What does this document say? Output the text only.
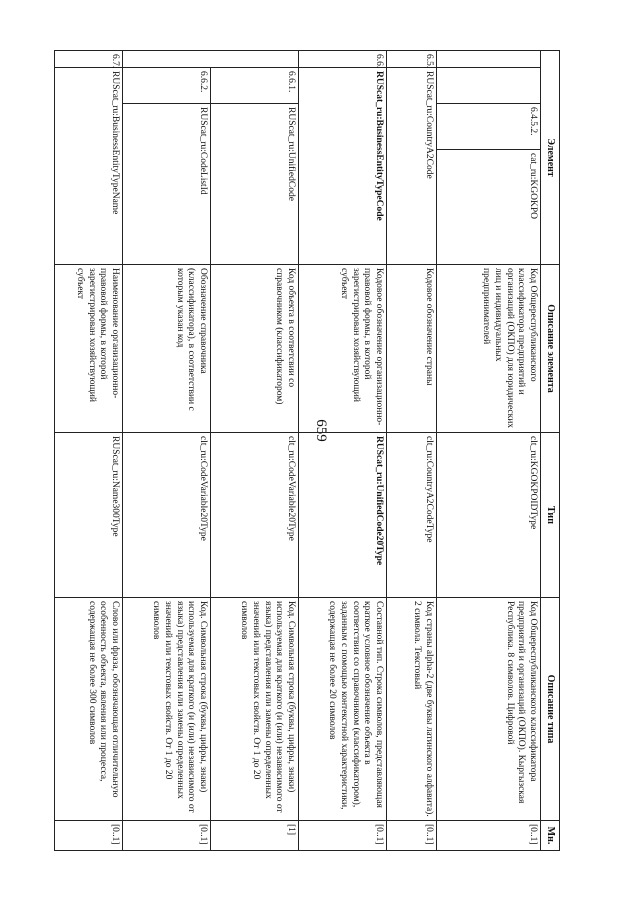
659
Элемент				Описание элемента	Тип	Описание типа	Мн.
		6.4.5.2.	cat_ru:KGOKPO	Код Общереспубликанского классификатора предприятий и организаций (ОКПО) для юридических лиц и индивидуальных предпринимателей	clt_ru:KGOKPOIDType	Код Общереспубликанского классификатора предприятий и организаций (ОКПО). Кыргызская Республика. 8 символов. Цифровой	[0..1]
6.5.	RUScat_ru:CountryA2Code			Кодовое обозначение страны	clt_ru:CountryA2CodeType	Код страны alpha-2 (две буквы латинского алфавита). 2 символа. Текстовый	[0..1]
6.6.	RUScat_ru:BusinessEntityTypeCode			Кодовое обозначение организационно-правовой формы, в которой зарегистрирован хозяйствующий субъект	RUScat_ru:UnifiedCode20Type	Составной тип. Строка символов, представляющая краткое условное обозначение объекта в соответствии со справочником (классификатором), заданным с помощью контекстной характеристики, содержащая не более 20 символов	[0..1]
	6.6.1.	RUScat_ru:UnifiedCode		Код объекта в соответсвии со справочником (классификатором)	clt_ru:CodeVariable20Type	Код. Символьная строка (буквы, цифры, знаки) используемая для краткого (и (или) независимого от языка) представления или замены определенных значений или текстовых свойств. От 1 до 20 символов	[1]
	6.6.2.	RUScat_ru:CodeListId		Обозначение справочника (классификатора), в соответствии с которым указан код	clt_ru:CodeVariable20Type	Код. Символьная строка (буквы, цифры, знаки) используемая для краткого (и (или) независимого от языка) представления или замены определенных значений или текстовых свойств. От 1 до 20 символов	[0..1]
6.7.	RUScat_ru:BusinessEntityTypeName			Наименование организационно-правовой формы, в которой зарегистрирован хозяйствующий субъект	RUScat_ru:Name300Type	Слово или фраза, обозначающая отличительную особенность объекта, явления или процесса, содержащая не более 300 символов	[0..1]
